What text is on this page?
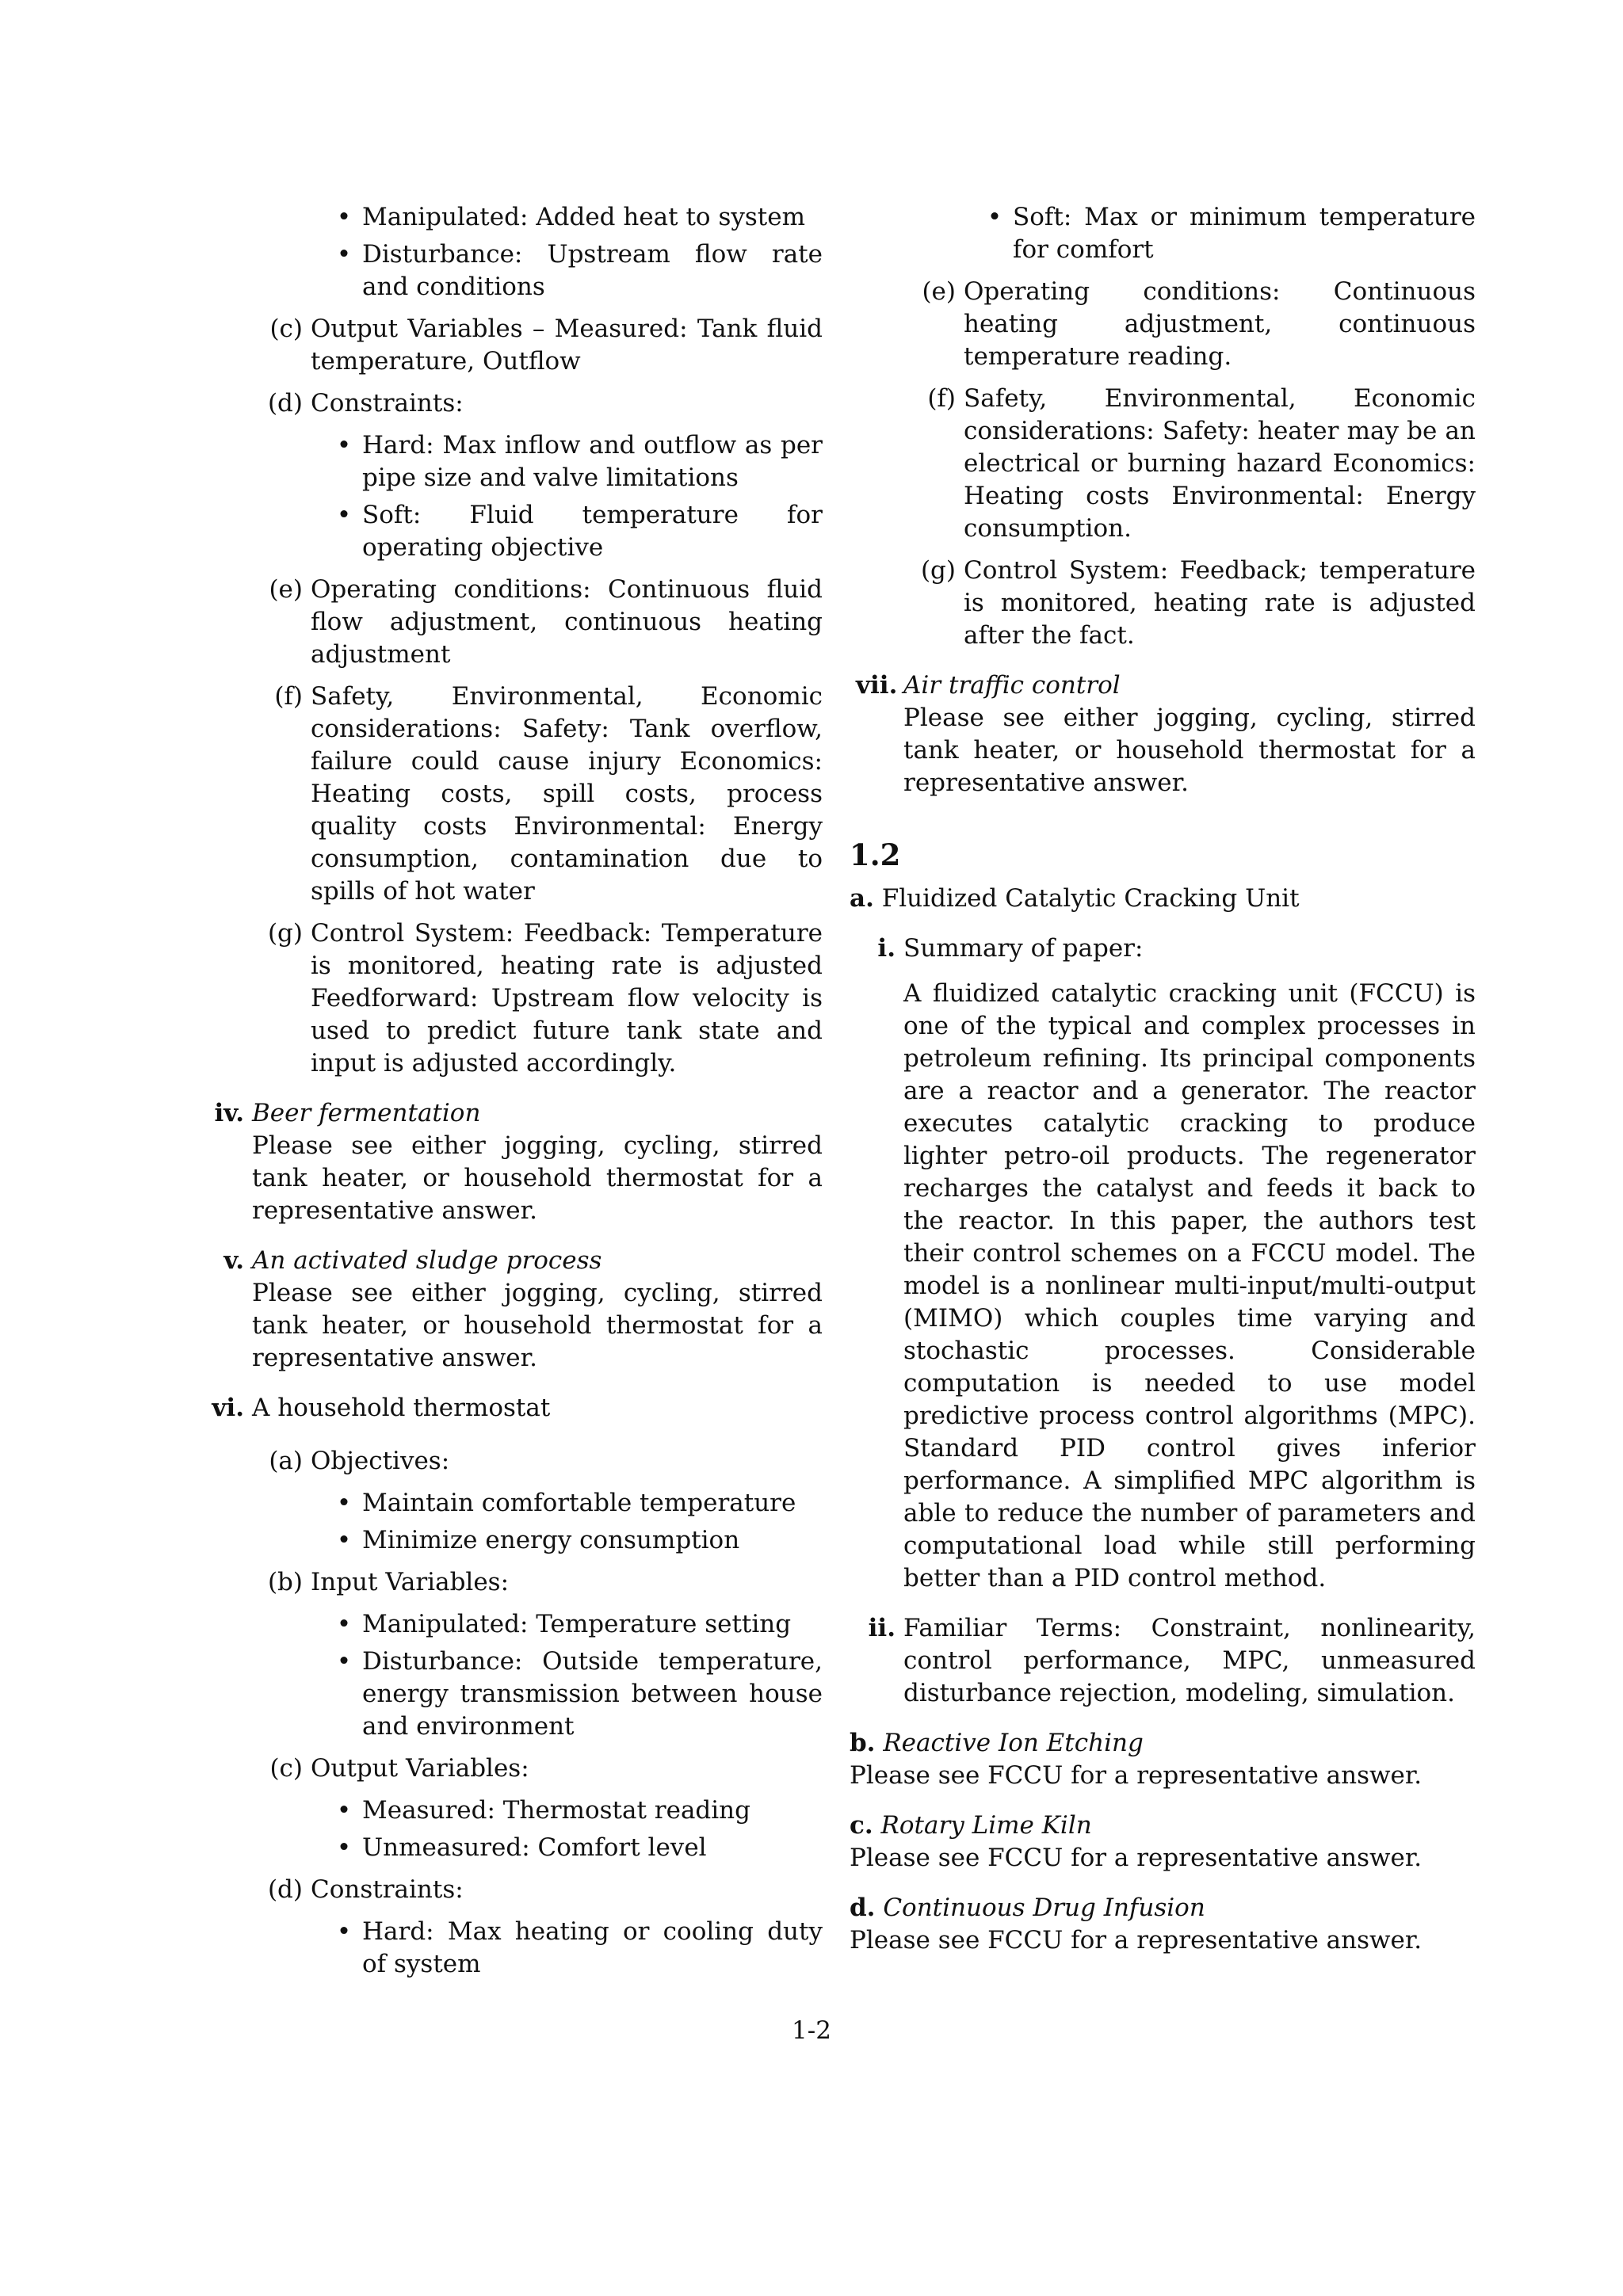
• Manipulated: Added heat to system
• Disturbance: Upstream flow rate and conditions
(c) Output Variables – Measured: Tank fluid temperature, Outflow
(d) Constraints:
• Hard: Max inflow and outflow as per pipe size and valve limitations
• Soft: Fluid temperature for operating objective
(e) Operating conditions: Continuous fluid flow adjustment, continuous heating adjustment
(f) Safety, Environmental, Economic considerations: Safety: Tank overflow, failure could cause injury Economics: Heating costs, spill costs, process quality costs Environmental: Energy consumption, contamination due to spills of hot water
(g) Control System: Feedback: Temperature is monitored, heating rate is adjusted Feedforward: Upstream flow velocity is used to predict future tank state and input is adjusted accordingly.
iv. Beer fermentation
Please see either jogging, cycling, stirred tank heater, or household thermostat for a representative answer.
v. An activated sludge process
Please see either jogging, cycling, stirred tank heater, or household thermostat for a representative answer.
vi. A household thermostat
(a) Objectives:
• Maintain comfortable temperature
• Minimize energy consumption
(b) Input Variables:
• Manipulated: Temperature setting
• Disturbance: Outside temperature, energy transmission between house and environment
(c) Output Variables:
• Measured: Thermostat reading
• Unmeasured: Comfort level
(d) Constraints:
• Hard: Max heating or cooling duty of system
• Soft: Max or minimum temperature for comfort
(e) Operating conditions: Continuous heating adjustment, continuous temperature reading.
(f) Safety, Environmental, Economic considerations: Safety: heater may be an electrical or burning hazard Economics: Heating costs Environmental: Energy consumption.
(g) Control System: Feedback; temperature is monitored, heating rate is adjusted after the fact.
vii. Air traffic control
Please see either jogging, cycling, stirred tank heater, or household thermostat for a representative answer.
1.2
a. Fluidized Catalytic Cracking Unit
i. Summary of paper:
A fluidized catalytic cracking unit (FCCU) is one of the typical and complex processes in petroleum refining. Its principal components are a reactor and a generator. The reactor executes catalytic cracking to produce lighter petro-oil products. The regenerator recharges the catalyst and feeds it back to the reactor. In this paper, the authors test their control schemes on a FCCU model. The model is a nonlinear multi-input/multi-output (MIMO) which couples time varying and stochastic processes. Considerable computation is needed to use model predictive process control algorithms (MPC). Standard PID control gives inferior performance. A simplified MPC algorithm is able to reduce the number of parameters and computational load while still performing better than a PID control method.
ii. Familiar Terms: Constraint, nonlinearity, control performance, MPC, unmeasured disturbance rejection, modeling, simulation.
b. Reactive Ion Etching
Please see FCCU for a representative answer.
c. Rotary Lime Kiln
Please see FCCU for a representative answer.
d. Continuous Drug Infusion
Please see FCCU for a representative answer.
1-2
